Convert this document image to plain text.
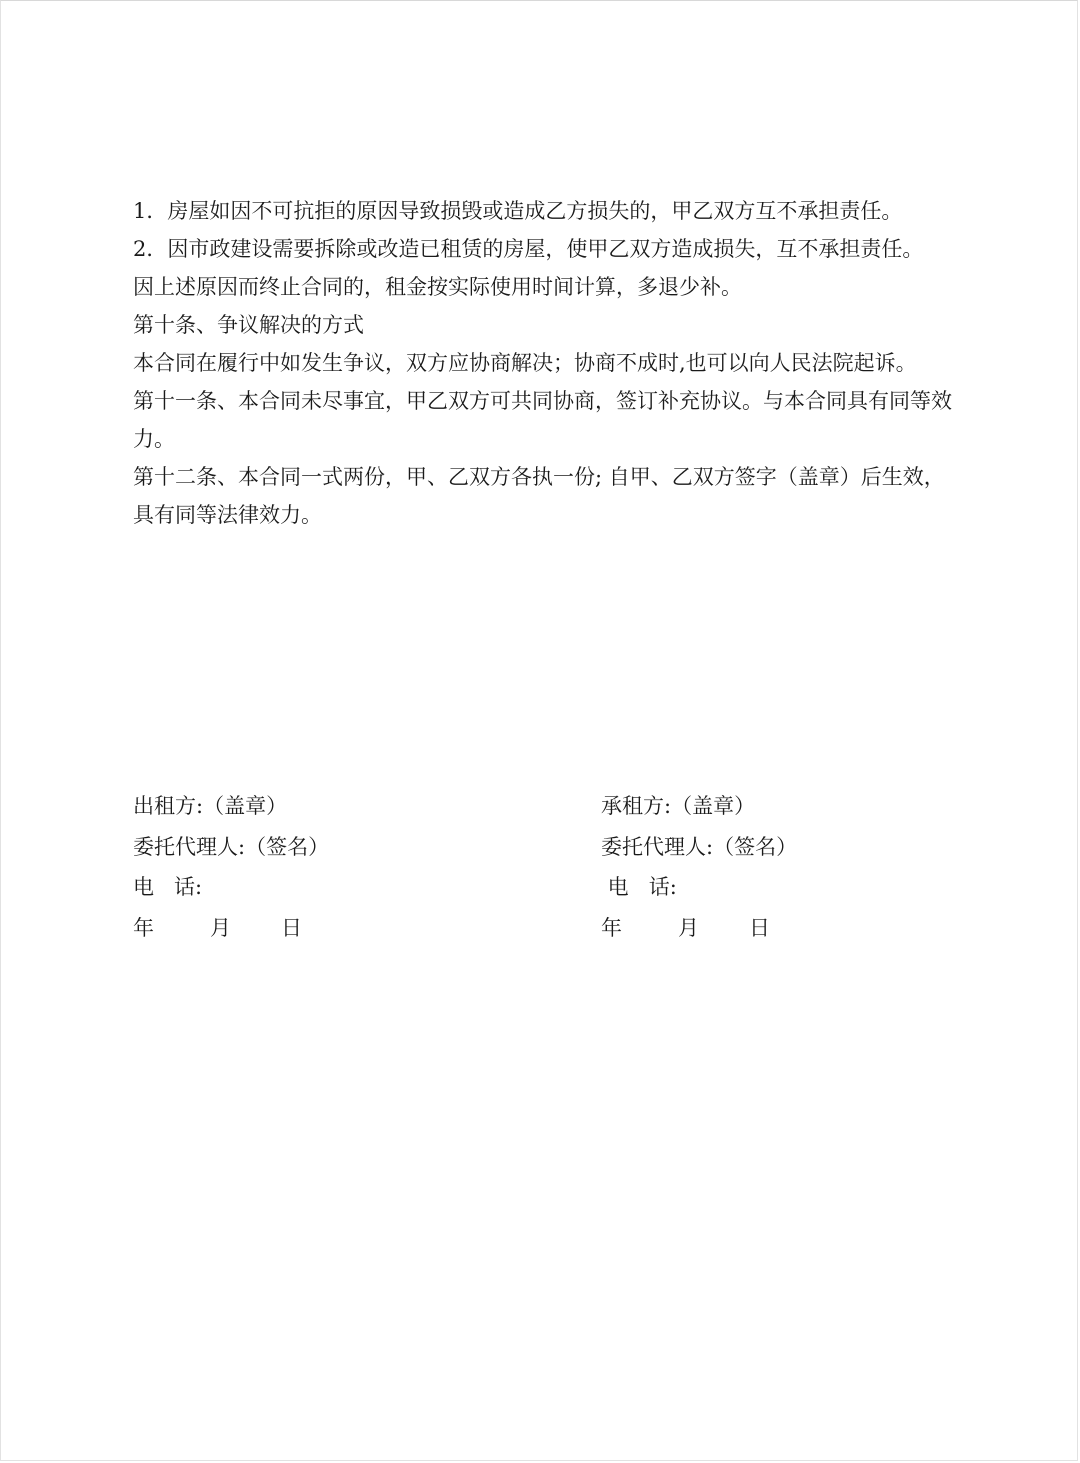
1．房屋如因不可抗拒的原因导致损毁或造成乙方损失的，甲乙双方互不承担责任。

2．因市政建设需要拆除或改造已租赁的房屋，使甲乙双方造成损失，互不承担责任。

因上述原因而终止合同的，租金按实际使用时间计算，多退少补。

第十条、争议解决的方式

本合同在履行中如发生争议，双方应协商解决；协商不成时,也可以向人民法院起诉。

第十一条、本合同未尽事宜，甲乙双方可共同协商，签订补充协议。与本合同具有同等效力。

第十二条、本合同一式两份，甲、乙双方各执一份; 自甲、乙双方签字（盖章）后生效，具有同等法律效力。

出租方:（盖章）
委托代理人:（签名）
电   话:
年	月 日
承租方:（盖章）
委托代理人:（签名）
电   话:
年	月 日
